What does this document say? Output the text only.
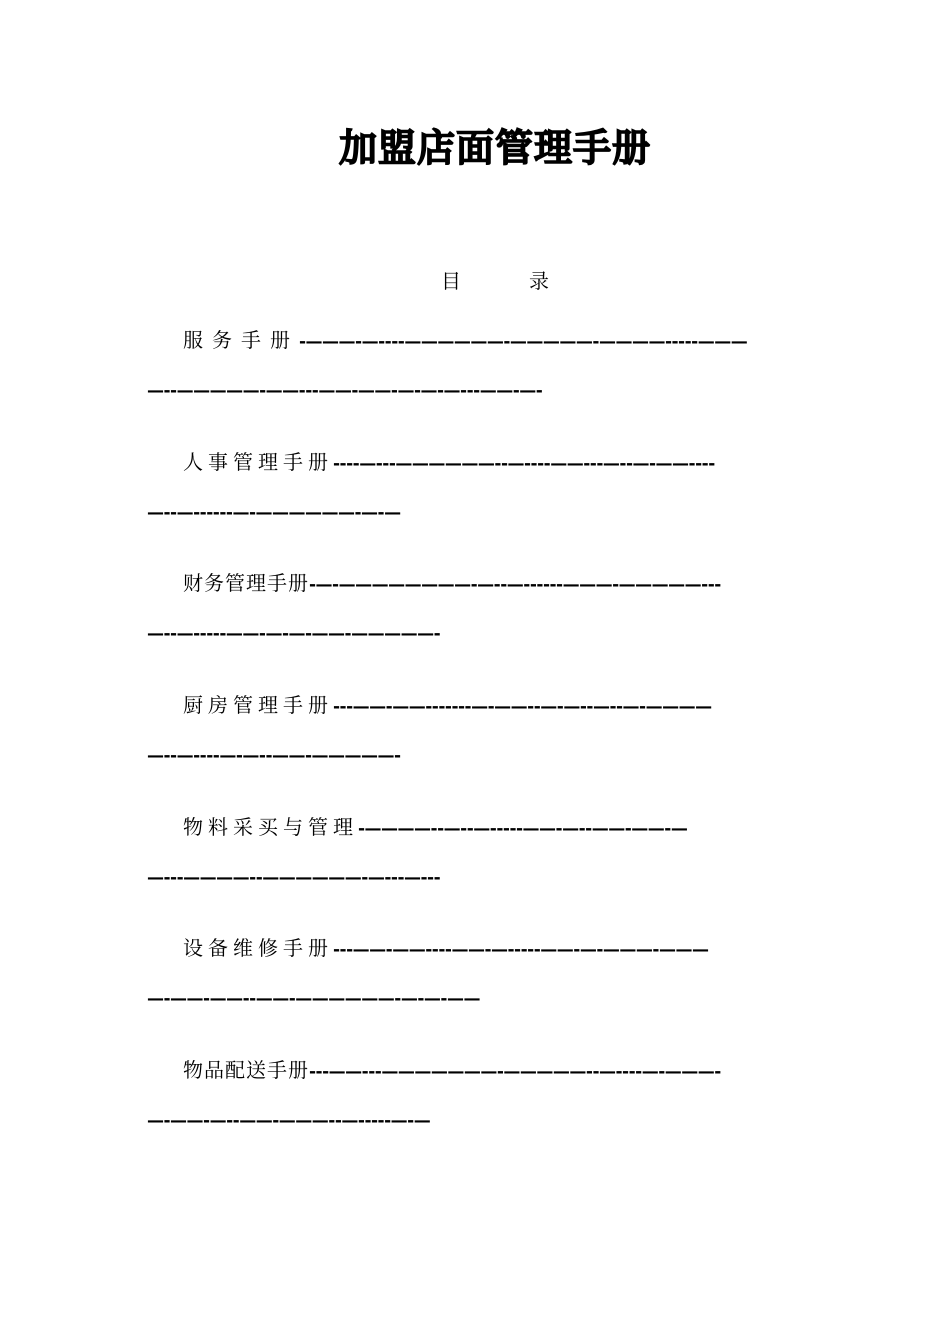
加盟店面管理手册
目	录
服务手册-———-—----——————-—————-————-----———
—--—————-——---——-——-—-—-—---——-—-
人事管理手册----—---——————--—----——---—--—-——----
—--—------—-——————-—-—
财务管理手册-—-————————-—--—------———-—————---
—--—-----——-—-—-——-—————-
厨房管理手册---——-——-------—-——--—-—--—--—-————
—--—----—-—--——-—————-
物料采买与管理-————--—--—-----——-—--——-——-—
—---————--——————-—---—---
设备维修手册---——-——----——-—-----——-—-———-———
—-——-——--——-——————-—-—-——
物品配送手册---——---———————-—————--—----—-———-
—-——-—--——-———--—-----—-—
